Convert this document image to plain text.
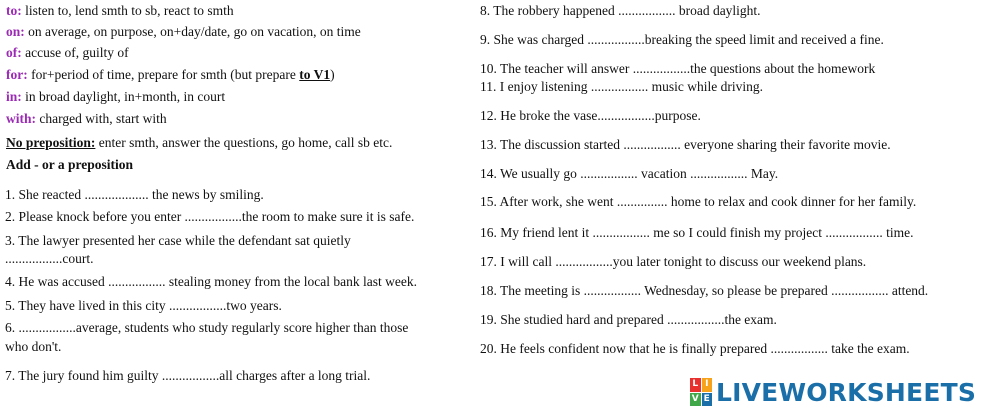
to: listen to, lend smth to sb, react to smth
on: on average, on purpose, on+day/date, go on vacation, on time
of: accuse of, guilty of
for: for+period of time, prepare for smth (but prepare to V1)
in: in broad daylight, in+month, in court
with: charged with, start with
No preposition: enter smth, answer the questions, go home, call sb etc.
Add - or a preposition
1. She reacted ................... the news by smiling.
2. Please knock before you enter .................the room to make sure it is safe.
3. The lawyer presented her case while the defendant sat quietly
.................court.
4. He was accused ................. stealing money from the local bank last week.
5. They have lived in this city .................two years.
6. .................average, students who study regularly score higher than those
who don't.
7. The jury found him guilty .................all charges after a long trial.
8. The robbery happened ................. broad daylight.
9. She was charged .................breaking the speed limit and received a fine.
10. The teacher will answer .................the questions about the homework
11. I enjoy listening ................. music while driving.
12. He broke the vase.................purpose.
13. The discussion started ................. everyone sharing their favorite movie.
14. We usually go ................. vacation ................. May.
15. After work, she went ............... home to relax and cook dinner for her family.
16. My friend lent it ................. me so I could finish my project ................. time.
17. I will call .................you later tonight to discuss our weekend plans.
18. The meeting is ................. Wednesday, so please be prepared ................. attend.
19. She studied hard and prepared .................the exam.
20. He feels confident now that he is finally prepared ................. take the exam.
L I
V E LIVEWORKSHEETS
